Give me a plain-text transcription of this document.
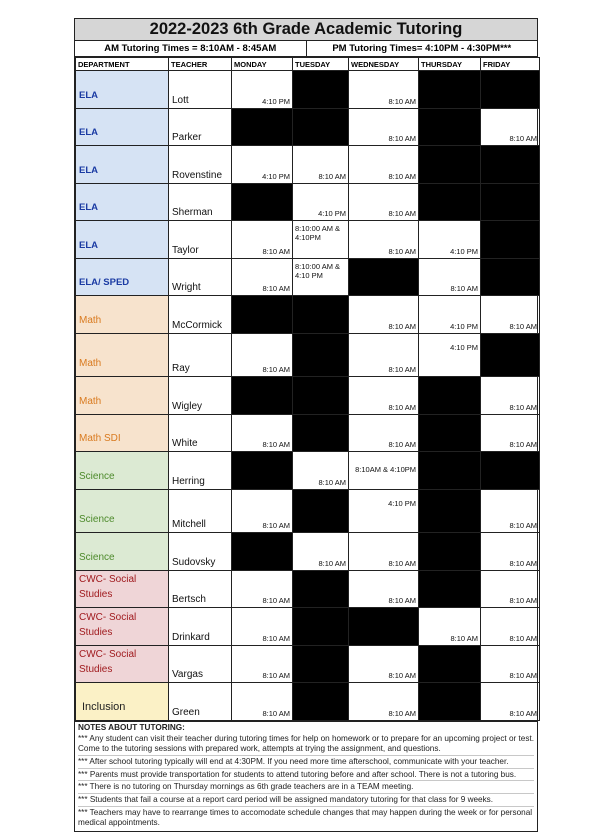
2022-2023 6th Grade Academic Tutoring
AM Tutoring Times = 8:10AM - 8:45AM	PM Tutoring Times= 4:10PM - 4:30PM***
DEPARTMENT	TEACHER	MONDAY	TUESDAY	WEDNESDAY	THURSDAY	FRIDAY
ELA	Lott	4:10 PM		8:10 AM		
ELA	Parker			8:10 AM		8:10 AM
ELA	Rovenstine	4:10 PM	8:10 AM	8:10 AM		
ELA	Sherman		4:10 PM	8:10 AM		
ELA	Taylor	8:10 AM	8:10:00 AM & 4:10PM	8:10 AM	4:10 PM	
ELA/ SPED	Wright	8:10 AM	8:10:00 AM & 4:10 PM		8:10 AM	
Math	McCormick			8:10 AM	4:10 PM	8:10 AM
Math	Ray	8:10 AM		8:10 AM	4:10 PM	
Math	Wigley			8:10 AM		8:10 AM
Math SDI	White	8:10 AM		8:10 AM		8:10 AM
Science	Herring		8:10 AM	8:10AM & 4:10PM		
Science	Mitchell	8:10 AM		4:10 PM		8:10 AM
Science	Sudovsky		8:10 AM	8:10 AM		8:10 AM
CWC- Social Studies	Bertsch	8:10 AM		8:10 AM		8:10 AM
CWC- Social Studies	Drinkard	8:10 AM			8:10 AM	8:10 AM
CWC- Social Studies	Vargas	8:10 AM		8:10 AM		8:10 AM
Inclusion	Green	8:10 AM		8:10 AM		8:10 AM
NOTES ABOUT TUTORING:
*** Any student can visit their teacher during tutoring times for help on homework or to prepare for an upcoming project or test. Come to the tutoring sessions with prepared work, attempts at trying the assignment, and questions.
*** After school tutoring typically will end at 4:30PM. If you need more time afterschool, communicate with your teacher.
*** Parents must provide transportation for students to attend tutoring before and after school. There is not a tutoring bus.
*** There is no tutoring on Thursday mornings as 6th grade teachers are in a TEAM meeting.
*** Students that fail a course at a report card period will be assigned mandatory tutoring for that class for 9 weeks.
*** Teachers may have to rearrange times to accomodate schedule changes that may happen during the week or for personal medical appointments.
